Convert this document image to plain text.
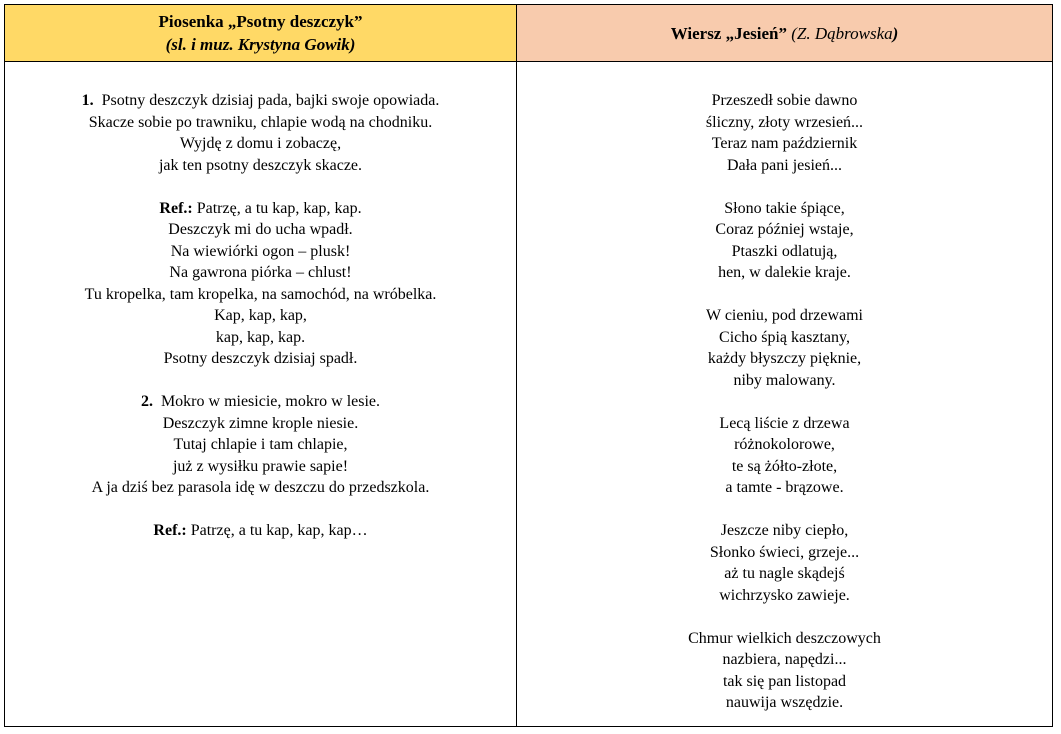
Piosenka „Psotny deszczyk”
(sl. i muz. Krystyna Gowik)
1. Psotny deszczyk dzisiaj pada, bajki swoje opowiada.
Skacze sobie po trawniku, chlapie wodą na chodniku.
Wyjdę z domu i zobaczę,
jak ten psotny deszczyk skacze.
Ref.: Patrzę, a tu kap, kap, kap.
Deszczyk mi do ucha wpadł.
Na wiewiórki ogon – plusk!
Na gawrona piórka – chlust!
Tu kropelka, tam kropelka, na samochód, na wróbelka.
Kap, kap, kap,
kap, kap, kap.
Psotny deszczyk dzisiaj spadł.
2. Mokro w miesicie, mokro w lesie.
Deszczyk zimne krople niesie.
Tutaj chlapie i tam chlapie,
już z wysiłku prawie sapie!
A ja dziś bez parasola idę w deszczu do przedszkola.
Ref.: Patrzę, a tu kap, kap, kap…
Wiersz „Jesień” (Z. Dąbrowska)
Przeszedł sobie dawno
śliczny, złoty wrzesień...
Teraz nam październik
Dała pani jesień...
Słono takie śpiące,
Coraz później wstaje,
Ptaszki odlatują,
hen, w dalekie kraje.
W cieniu, pod drzewami
Cicho śpią kasztany,
każdy błyszczy pięknie,
niby malowany.
Lecą liście z drzewa
różnokolorowe,
te są żółto-złote,
a tamte - brązowe.
Jeszcze niby ciepło,
Słonko świeci, grzeje...
aż tu nagle skądejś
wichrzysko zawieje.
Chmur wielkich deszczowych
nazbiera, napędzi...
tak się pan listopad
nauwija wszędzie.
